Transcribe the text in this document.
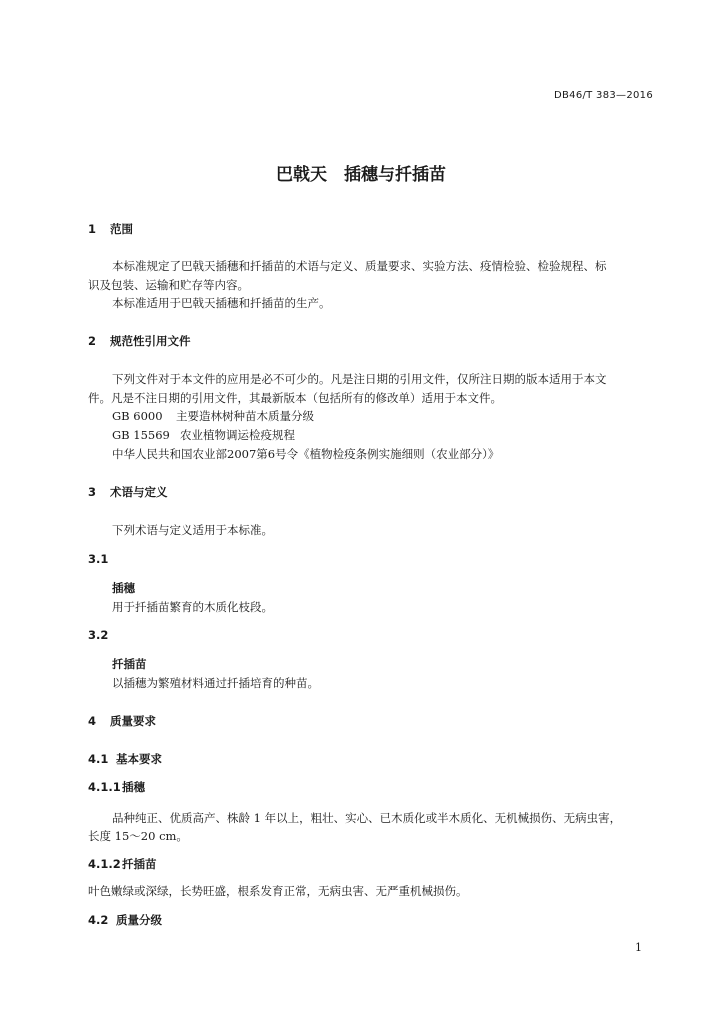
DB46/T 383—2016
巴戟天　插穗与扦插苗
1 范围
本标准规定了巴戟天插穗和扦插苗的术语与定义、质量要求、实验方法、疫情检验、检验规程、标
识及包装、运输和贮存等内容。
本标准适用于巴戟天插穗和扦插苗的生产。
2 规范性引用文件
下列文件对于本文件的应用是必不可少的。凡是注日期的引用文件，仅所注日期的版本适用于本文
件。凡是不注日期的引用文件，其最新版本（包括所有的修改单）适用于本文件。
GB 6000 主要造林树种苗木质量分级
GB 15569 农业植物调运检疫规程
中华人民共和国农业部2007第6号令《植物检疫条例实施细则（农业部分）》
3 术语与定义
下列术语与定义适用于本标准。
3.1
插穗
用于扦插苗繁育的木质化枝段。
3.2
扦插苗
以插穗为繁殖材料通过扦插培育的种苗。
4 质量要求
4.1 基本要求
4.1.1插穗
品种纯正、优质高产、株龄 1 年以上，粗壮、实心、已木质化或半木质化、无机械损伤、无病虫害，
长度 15～20 cm。
4.1.2扦插苗
叶色嫩绿或深绿，长势旺盛，根系发育正常，无病虫害、无严重机械损伤。
4.2 质量分级
1
